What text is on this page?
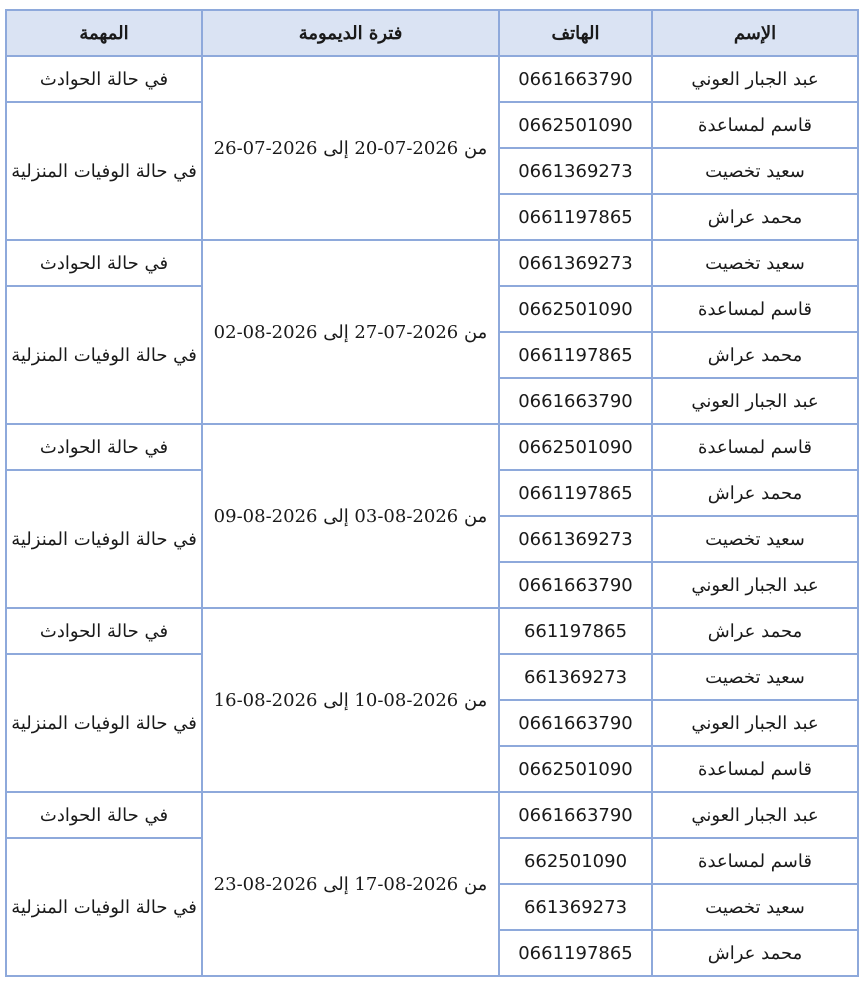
الإسم	الهاتف	فترة الديمومة	المهمة
عبد الجبار العوني	0661663790	من 2026-07-20 إلى 2026-07-26	في حالة الحوادث
قاسم لمساعدة	0662501090		في حالة الوفيات المنزلية
سعيد تخصيت	0661369273		
محمد عراش	0661197865		
سعيد تخصيت	0661369273	من 2026-07-27 إلى 2026-08-02	في حالة الحوادث
قاسم لمساعدة	0662501090		في حالة الوفيات المنزلية
محمد عراش	0661197865		
عبد الجبار العوني	0661663790		
قاسم لمساعدة	0662501090	من 2026-08-03 إلى 2026-08-09	في حالة الحوادث
محمد عراش	0661197865		في حالة الوفيات المنزلية
سعيد تخصيت	0661369273		
عبد الجبار العوني	0661663790		
محمد عراش	661197865	من 2026-08-10 إلى 2026-08-16	في حالة الحوادث
سعيد تخصيت	661369273		في حالة الوفيات المنزلية
عبد الجبار العوني	0661663790		
قاسم لمساعدة	0662501090		
عبد الجبار العوني	0661663790	من 2026-08-17 إلى 2026-08-23	في حالة الحوادث
قاسم لمساعدة	662501090		في حالة الوفيات المنزلية
سعيد تخصيت	661369273		
محمد عراش	0661197865		
